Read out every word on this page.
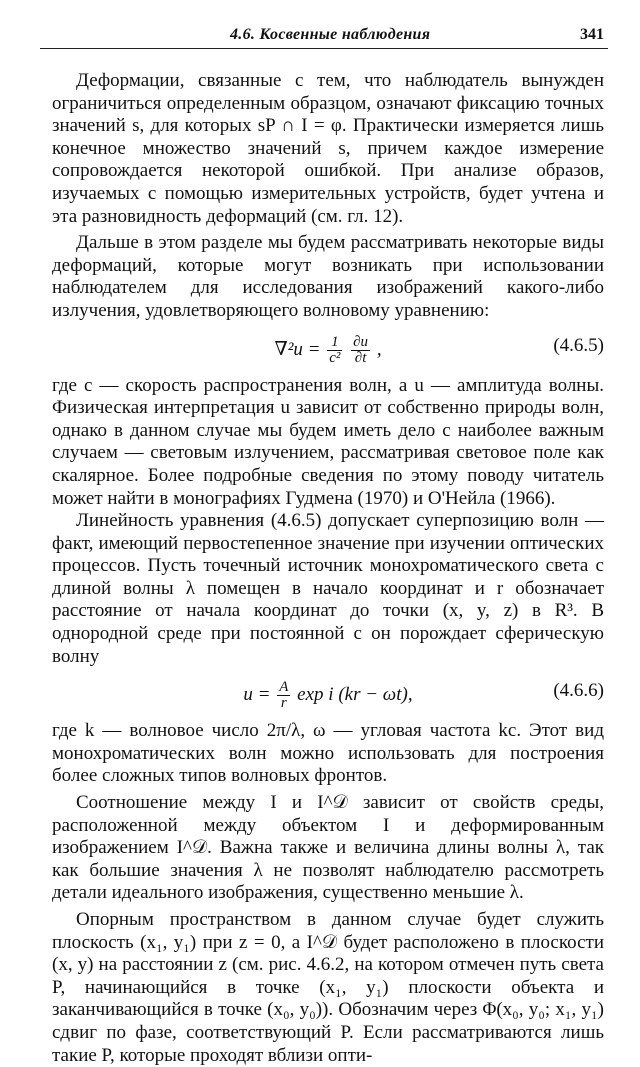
4.6. Косвенные наблюдения	341

Деформации, связанные с тем, что наблюдатель вынужден ограничиться определенным образцом, означают фиксацию точных значений s, для которых sP ∩ I = φ. Практически измеряется лишь конечное множество значений s, причем каждое измерение сопровождается некоторой ошибкой. При анализе образов, изучаемых с помощью измерительных устройств, будет учтена и эта разновидность деформаций (см. гл. 12).

Дальше в этом разделе мы будем рассматривать некоторые виды деформаций, которые могут возникать при использовании наблюдателем для исследования изображений какого-либо излучения, удовлетворяющего волновому уравнению:

$\nabla^2u = \frac{1}{\text{c²}}$
$\frac{\partial u}{\partial t}$ ,	(4.6.5)

где c — скорость распространения волн, а u — амплитуда волны. Физическая интерпретация u зависит от собственно природы волн, однако в данном случае мы будем иметь дело с наиболее важным случаем — световым излучением, рассматривая световое поле как скалярное. Более подробные сведения по этому поводу читатель может найти в монографиях Гудмена (1970) и О'Нейла (1966).

Линейность уравнения (4.6.5) допускает суперпозицию волн — факт, имеющий первостепенное значение при изучении оптических процессов. Пусть точечный источник монохроматического света с длиной волны λ помещен в начало координат и r обозначает расстояние от начала координат до точки (x, y, z) в R³. В однородной среде при постоянной c он порождает сферическую волну

$u = \frac{A}{r}$ exp i (kr − ωt),	(4.6.6)

где k — волновое число 2π/λ, ω — угловая частота kc. Этот вид монохроматических волн можно использовать для построения более сложных типов волновых фронтов.

Соотношение между I и I^𝒟 зависит от свойств среды, расположенной между объектом I и деформированным изображением I^𝒟. Важна также и величина длины волны λ, так как большие значения λ не позволят наблюдателю рассмотреть детали идеального изображения, существенно меньшие λ.

Опорным пространством в данном случае будет служить плоскость (x₁, y₁) при z = 0, а I^𝒟 будет расположено в плоскости (x, y) на расстоянии z (см. рис. 4.6.2, на котором отмечен путь света P, начинающийся в точке (x₁, y₁) плоскости объекта и заканчивающийся в точке (x₀, y₀)). Обозначим через Φ(x₀, y₀; x₁, y₁) сдвиг по фазе, соответствующий P. Если рассматриваются лишь такие P, которые проходят вблизи опти-
